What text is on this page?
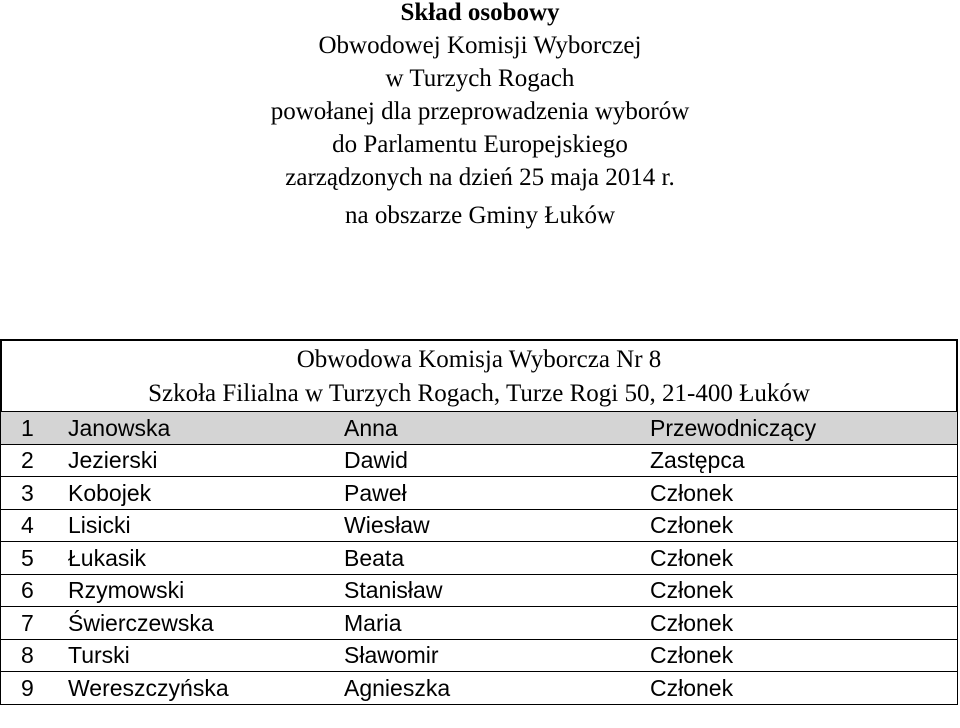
Skład osobowy
Obwodowej Komisji Wyborczej
w Turzych Rogach
powołanej dla przeprowadzenia wyborów
do Parlamentu Europejskiego
zarządzonych na dzień 25 maja 2014 r.
na obszarze Gminy Łuków
Obwodowa Komisja Wyborcza Nr 8
Szkoła Filialna w Turzych Rogach, Turze Rogi 50, 21-400 Łuków
1	Janowska	Anna	Przewodniczący
2	Jezierski	Dawid	Zastępca
3	Kobojek	Paweł	Członek
4	Lisicki	Wiesław	Członek
5	Łukasik	Beata	Członek
6	Rzymowski	Stanisław	Członek
7	Świerczewska	Maria	Członek
8	Turski	Sławomir	Członek
9	Wereszczyńska	Agnieszka	Członek
